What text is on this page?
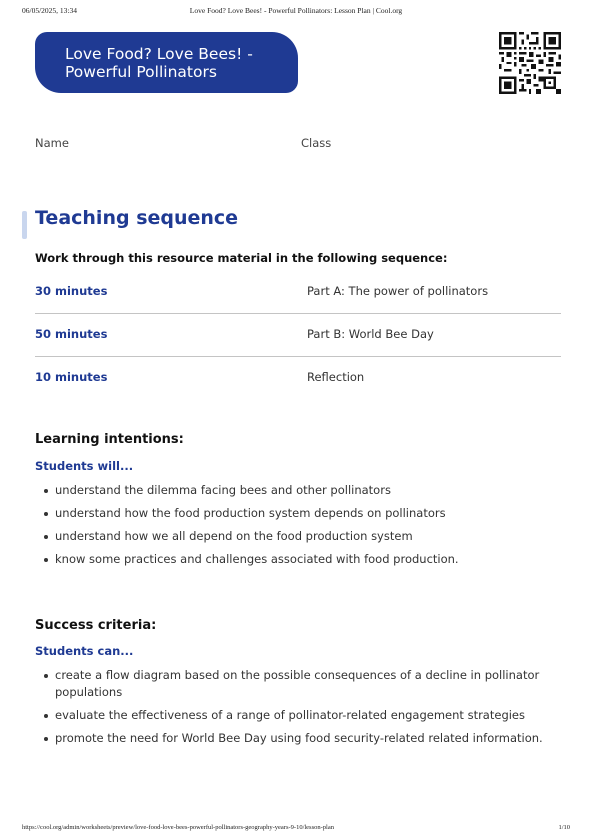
06/05/2025, 13:34	Love Food? Love Bees! - Powerful Pollinators: Lesson Plan | Cool.org
Love Food? Love Bees! -
Powerful Pollinators
Name	Class
Teaching sequence
Work through this resource material in the following sequence:
30 minutes	Part A: The power of pollinators
50 minutes	Part B: World Bee Day
10 minutes	Reflection
Learning intentions:
Students will...
understand the dilemma facing bees and other pollinators
understand how the food production system depends on pollinators
understand how we all depend on the food production system
know some practices and challenges associated with food production.
Success criteria:
Students can...
create a flow diagram based on the possible consequences of a decline in pollinator populations
evaluate the effectiveness of a range of pollinator-related engagement strategies
promote the need for World Bee Day using food security-related related information.
https://cool.org/admin/worksheets/preview/love-food-love-bees-powerful-pollinators-geography-years-9-10/lesson-plan	1/10
